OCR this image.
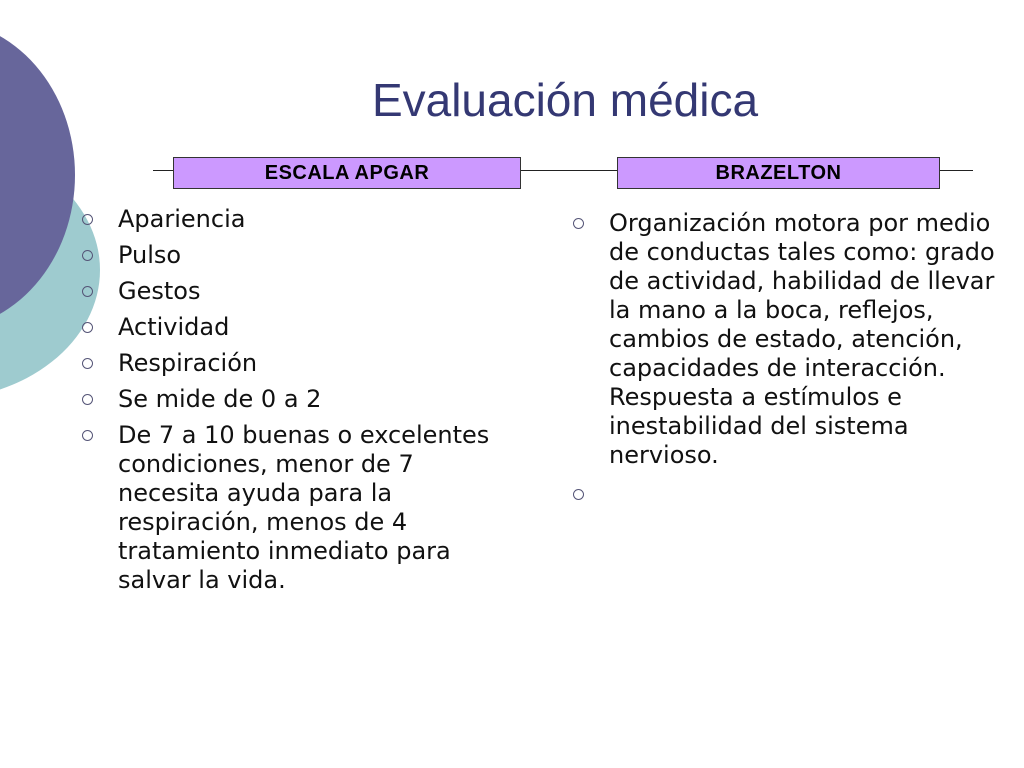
Evaluación médica
ESCALA APGAR	BRAZELTON
Apariencia
Pulso
Gestos
Actividad
Respiración
Se mide de 0 a 2
De 7 a 10 buenas o excelentes condiciones, menor de 7 necesita ayuda para la respiración, menos de 4 tratamiento inmediato para salvar la vida.
Organización motora por medio de conductas tales como: grado de actividad, habilidad de llevar la mano a la boca, reflejos, cambios de estado, atención, capacidades de interacción. Respuesta a estímulos e inestabilidad del sistema nervioso.
